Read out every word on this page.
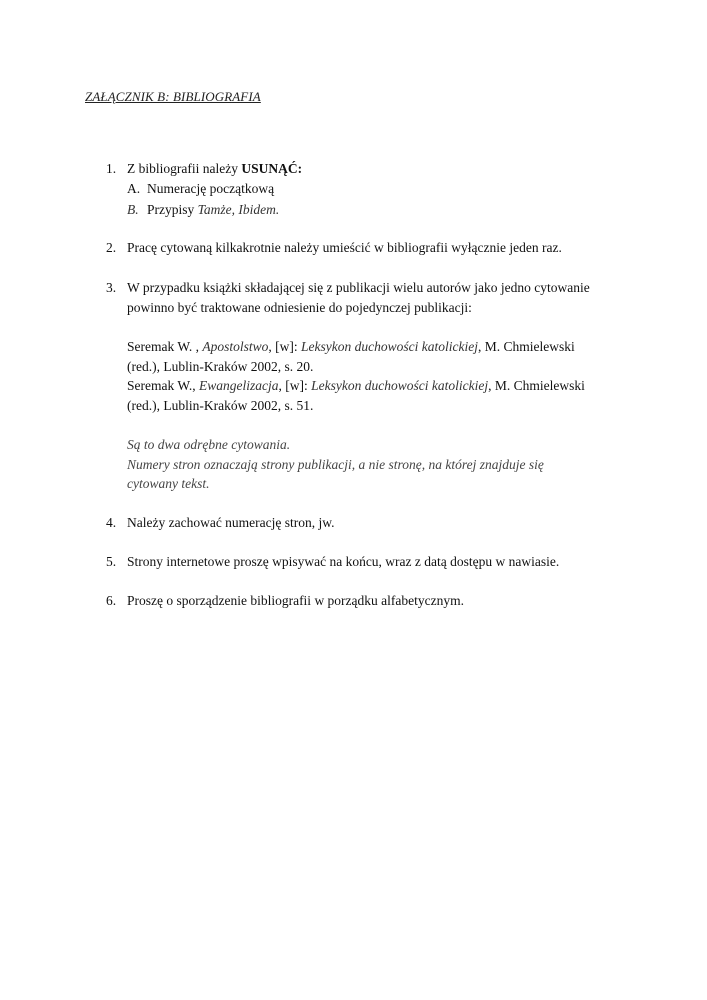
ZAŁĄCZNIK B: BIBLIOGRAFIA
1. Z bibliografii należy USUNĄĆ:
A. Numerację początkową
B. Przypisy Tamże, Ibidem.
2. Pracę cytowaną kilkakrotnie należy umieścić w bibliografii wyłącznie jeden raz.
3. W przypadku książki składającej się z publikacji wielu autorów jako jedno cytowanie
powinno być traktowane odniesienie do pojedynczej publikacji:
Seremak W. , Apostolstwo, [w]: Leksykon duchowości katolickiej, M. Chmielewski
(red.), Lublin-Kraków 2002, s. 20.
Seremak W., Ewangelizacja, [w]: Leksykon duchowości katolickiej, M. Chmielewski
(red.), Lublin-Kraków 2002, s. 51.
Są to dwa odrębne cytowania.
Numery stron oznaczają strony publikacji, a nie stronę, na której znajduje się
cytowany tekst.
4. Należy zachować numerację stron, jw.
5. Strony internetowe proszę wpisywać na końcu, wraz z datą dostępu w nawiasie.
6. Proszę o sporządzenie bibliografii w porządku alfabetycznym.
